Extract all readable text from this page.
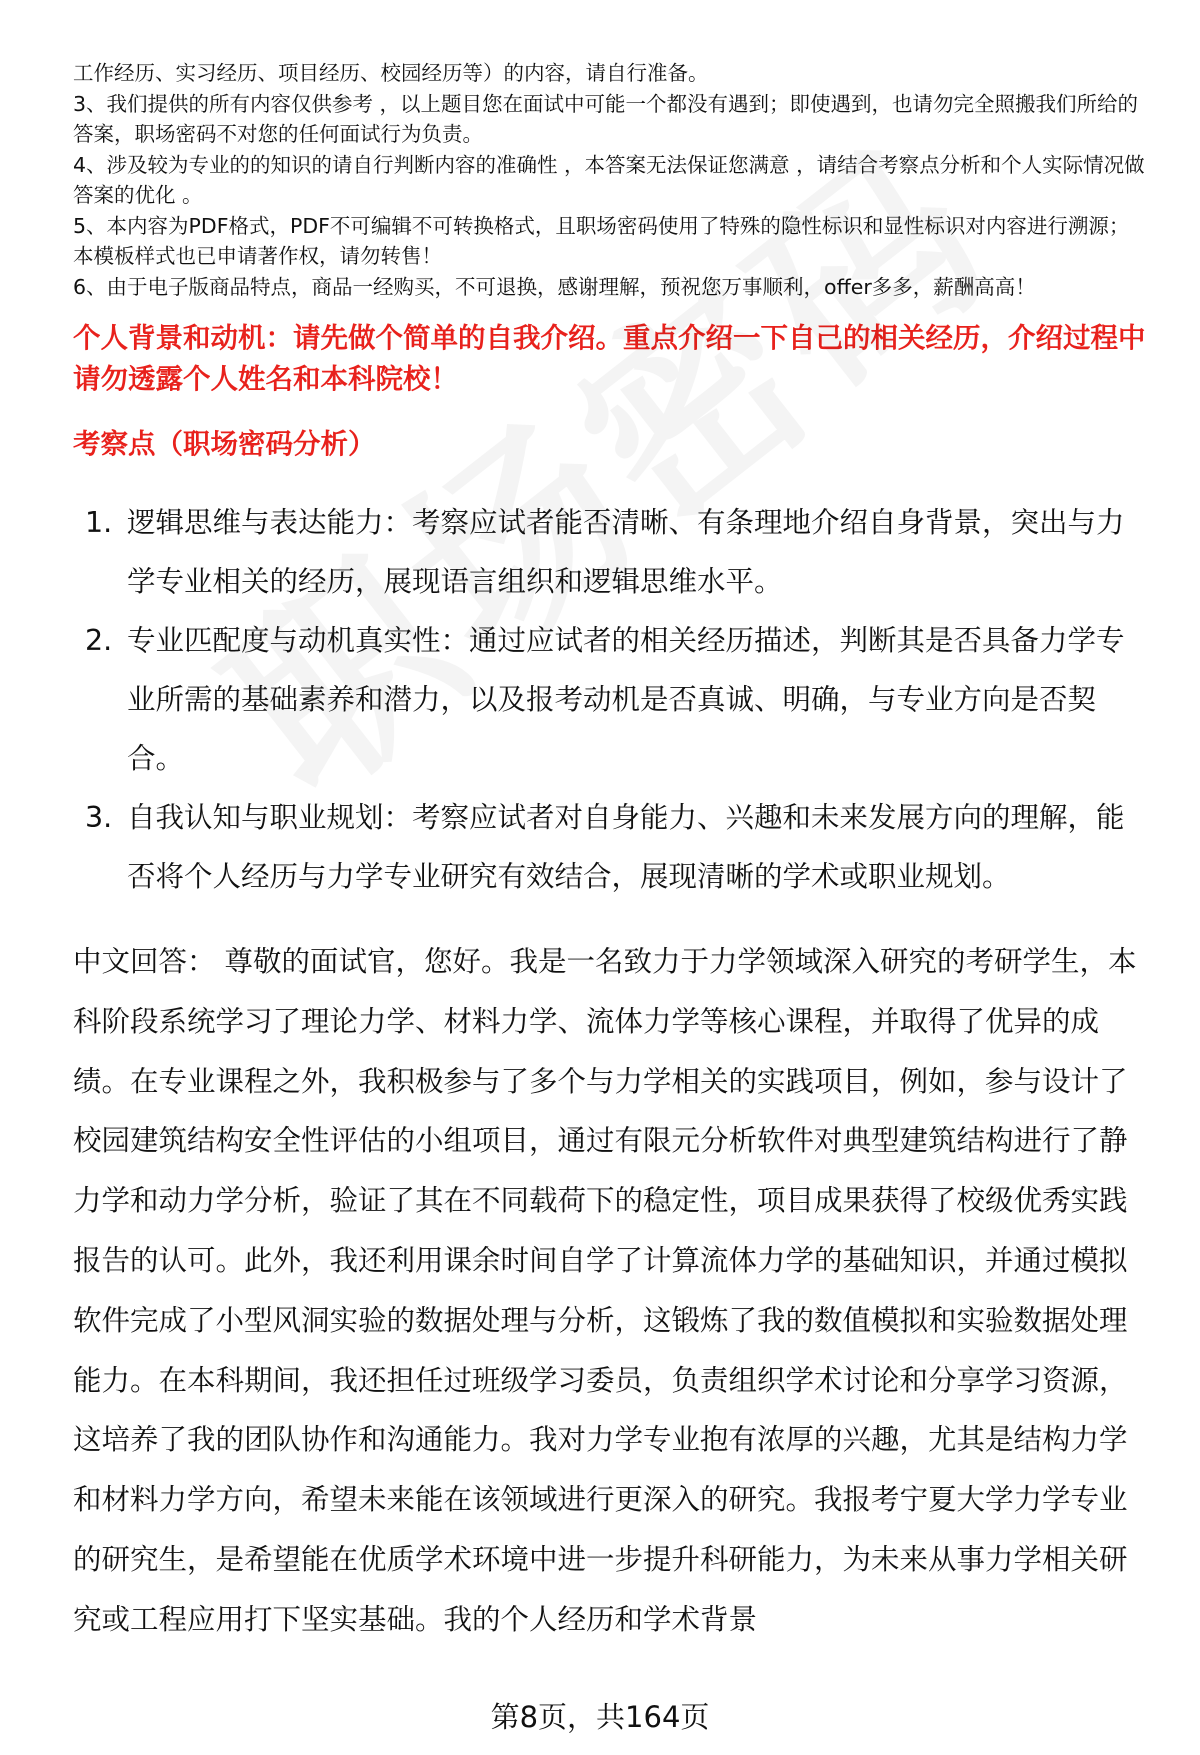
工作经历、实习经历、项目经历、校园经历等）的内容，请自行准备。

3、我们提供的所有内容仅供参考 ，以上题目您在面试中可能一个都没有遇到；即使遇到，也请勿完全照搬我们所给的答案，职场密码不对您的任何面试行为负责。

4、涉及较为专业的的知识的请自行判断内容的准确性 ，本答案无法保证您满意 ，请结合考察点分析和个人实际情况做答案的优化 。

5、本内容为PDF格式，PDF不可编辑不可转换格式，且职场密码使用了特殊的隐性标识和显性标识对内容进行溯源；本模板样式也已申请著作权，请勿转售！

6、由于电子版商品特点，商品一经购买，不可退换，感谢理解，预祝您万事顺利，offer多多，薪酬高高！

个人背景和动机：请先做个简单的自我介绍。重点介绍一下自己的相关经历，介绍过程中请勿透露个人姓名和本科院校！

考察点（职场密码分析）

1. 逻辑思维与表达能力：考察应试者能否清晰、有条理地介绍自身背景，突出与力学专业相关的经历，展现语言组织和逻辑思维水平。
2. 专业匹配度与动机真实性：通过应试者的相关经历描述，判断其是否具备力学专业所需的基础素养和潜力，以及报考动机是否真诚、明确，与专业方向是否契合。
3. 自我认知与职业规划：考察应试者对自身能力、兴趣和未来发展方向的理解，能否将个人经历与力学专业研究有效结合，展现清晰的学术或职业规划。

中文回答： 尊敬的面试官，您好。我是一名致力于力学领域深入研究的考研学生，本科阶段系统学习了理论力学、材料力学、流体力学等核心课程，并取得了优异的成绩。在专业课程之外，我积极参与了多个与力学相关的实践项目，例如，参与设计了校园建筑结构安全性评估的小组项目，通过有限元分析软件对典型建筑结构进行了静力学和动力学分析，验证了其在不同载荷下的稳定性，项目成果获得了校级优秀实践报告的认可。此外，我还利用课余时间自学了计算流体力学的基础知识，并通过模拟软件完成了小型风洞实验的数据处理与分析，这锻炼了我的数值模拟和实验数据处理能力。在本科期间，我还担任过班级学习委员，负责组织学术讨论和分享学习资源，这培养了我的团队协作和沟通能力。我对力学专业抱有浓厚的兴趣，尤其是结构力学和材料力学方向，希望未来能在该领域进行更深入的研究。我报考宁夏大学力学专业的研究生，是希望能在优质学术环境中进一步提升科研能力，为未来从事力学相关研究或工程应用打下坚实基础。我的个人经历和学术背景

第8页，共164页
